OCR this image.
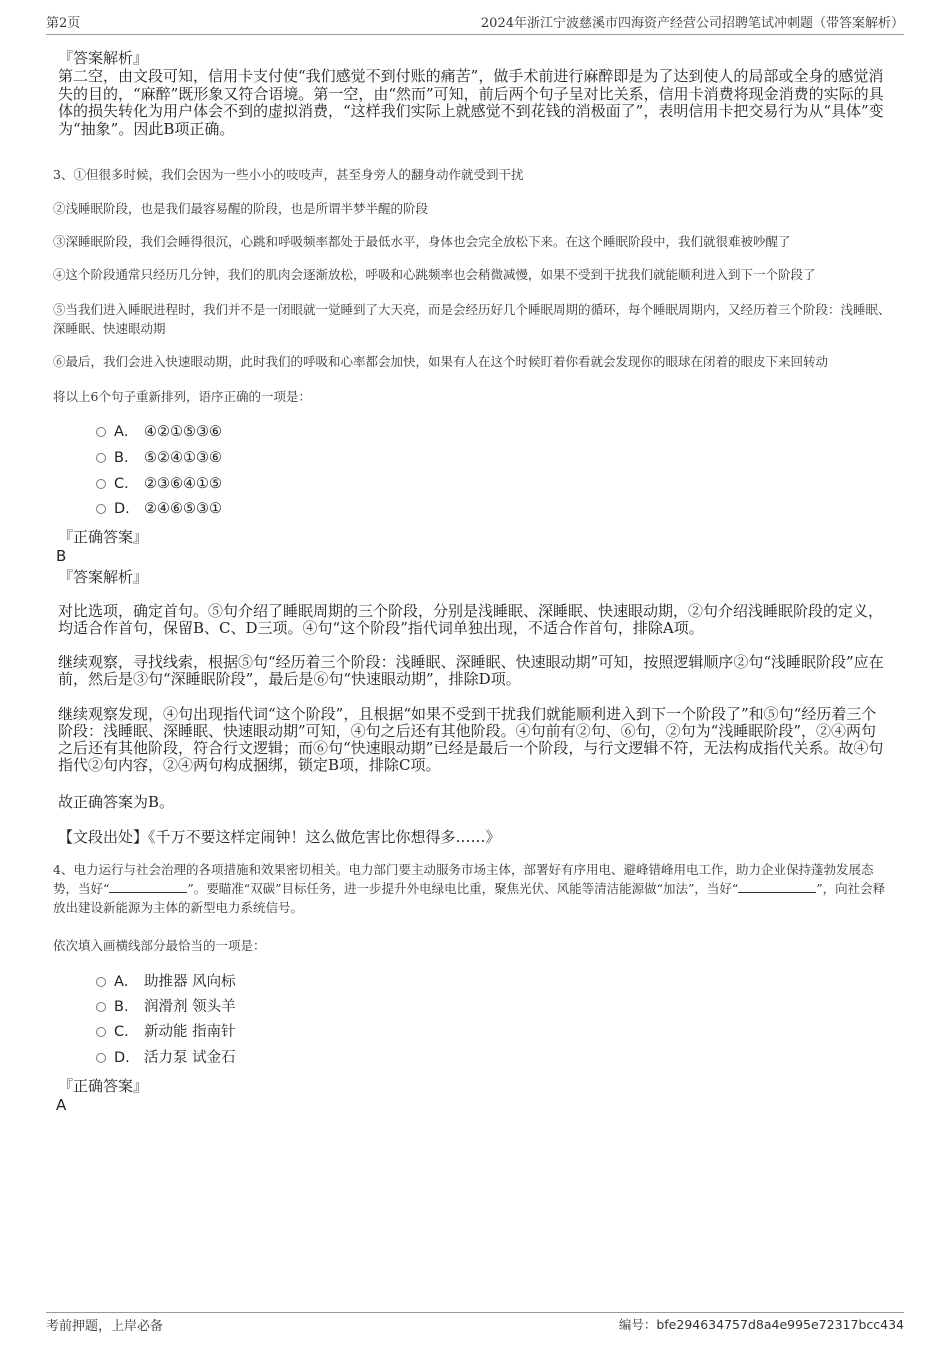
第2页	2024年浙江宁波慈溪市四海资产经营公司招聘笔试冲刺题（带答案解析）
『答案解析』
第二空，由文段可知，信用卡支付使“我们感觉不到付账的痛苦”，做手术前进行麻醉即是为了达到使人的局部或全身的感觉消失的目的，“麻醉”既形象又符合语境。第一空，由“然而”可知，前后两个句子呈对比关系，信用卡消费将现金消费的实际的具体的损失转化为用户体会不到的虚拟消费，“这样我们实际上就感觉不到花钱的消极面了”，表明信用卡把交易行为从“具体”变为“抽象”。因此B项正确。
3、①但很多时候，我们会因为一些小小的吱吱声，甚至身旁人的翻身动作就受到干扰
②浅睡眠阶段，也是我们最容易醒的阶段，也是所谓半梦半醒的阶段
③深睡眠阶段，我们会睡得很沉，心跳和呼吸频率都处于最低水平，身体也会完全放松下来。在这个睡眠阶段中，我们就很难被吵醒了
④这个阶段通常只经历几分钟，我们的肌肉会逐渐放松，呼吸和心跳频率也会稍微减慢，如果不受到干扰我们就能顺利进入到下一个阶段了
⑤当我们进入睡眠进程时，我们并不是一闭眼就一觉睡到了大天亮，而是会经历好几个睡眠周期的循环，每个睡眠周期内，又经历着三个阶段：浅睡眠、深睡眠、快速眼动期
⑥最后，我们会进入快速眼动期，此时我们的呼吸和心率都会加快，如果有人在这个时候盯着你看就会发现你的眼球在闭着的眼皮下来回转动
将以上6个句子重新排列，语序正确的一项是：
A． ④②①⑤③⑥
B. ⑤②④①③⑥
C. ②③⑥④①⑤
D. ②④⑥⑤③①
『正确答案』
B
『答案解析』
对比选项，确定首句。⑤句介绍了睡眠周期的三个阶段，分别是浅睡眠、深睡眠、快速眼动期，②句介绍浅睡眠阶段的定义，均适合作首句，保留B、C、D三项。④句“这个阶段”指代词单独出现，不适合作首句，排除A项。
继续观察，寻找线索，根据⑤句“经历着三个阶段：浅睡眠、深睡眠、快速眼动期”可知，按照逻辑顺序②句“浅睡眠阶段”应在前，然后是③句“深睡眠阶段”，最后是⑥句“快速眼动期”，排除D项。
继续观察发现，④句出现指代词“这个阶段”，且根据“如果不受到干扰我们就能顺利进入到下一个阶段了”和⑤句“经历着三个阶段：浅睡眠、深睡眠、快速眼动期”可知，④句之后还有其他阶段。④句前有②句、⑥句，②句为“浅睡眠阶段”，②④两句之后还有其他阶段，符合行文逻辑；而⑥句“快速眼动期”已经是最后一个阶段，与行文逻辑不符，无法构成指代关系。故④句指代②句内容，②④两句构成捆绑，锁定B项，排除C项。
故正确答案为B。
【文段出处】《千万不要这样定闹钟！这么做危害比你想得多……》
4、电力运行与社会治理的各项措施和效果密切相关。电力部门要主动服务市场主体，部署好有序用电、避峰错峰用电工作，助力企业保持蓬勃发展态势，当好“	”。要瞄准“双碳”目标任务，进一步提升外电绿电比重，聚焦光伏、风能等清洁能源做“加法”，当好“	”，向社会释放出建设新能源为主体的新型电力系统信号。
依次填入画横线部分最恰当的一项是：
A． 助推器 风向标
B. 润滑剂 领头羊
C. 新动能 指南针
D. 活力泵 试金石
『正确答案』
A
考前押题，上岸必备	编号：bfe294634757d8a4e995e72317bcc434
